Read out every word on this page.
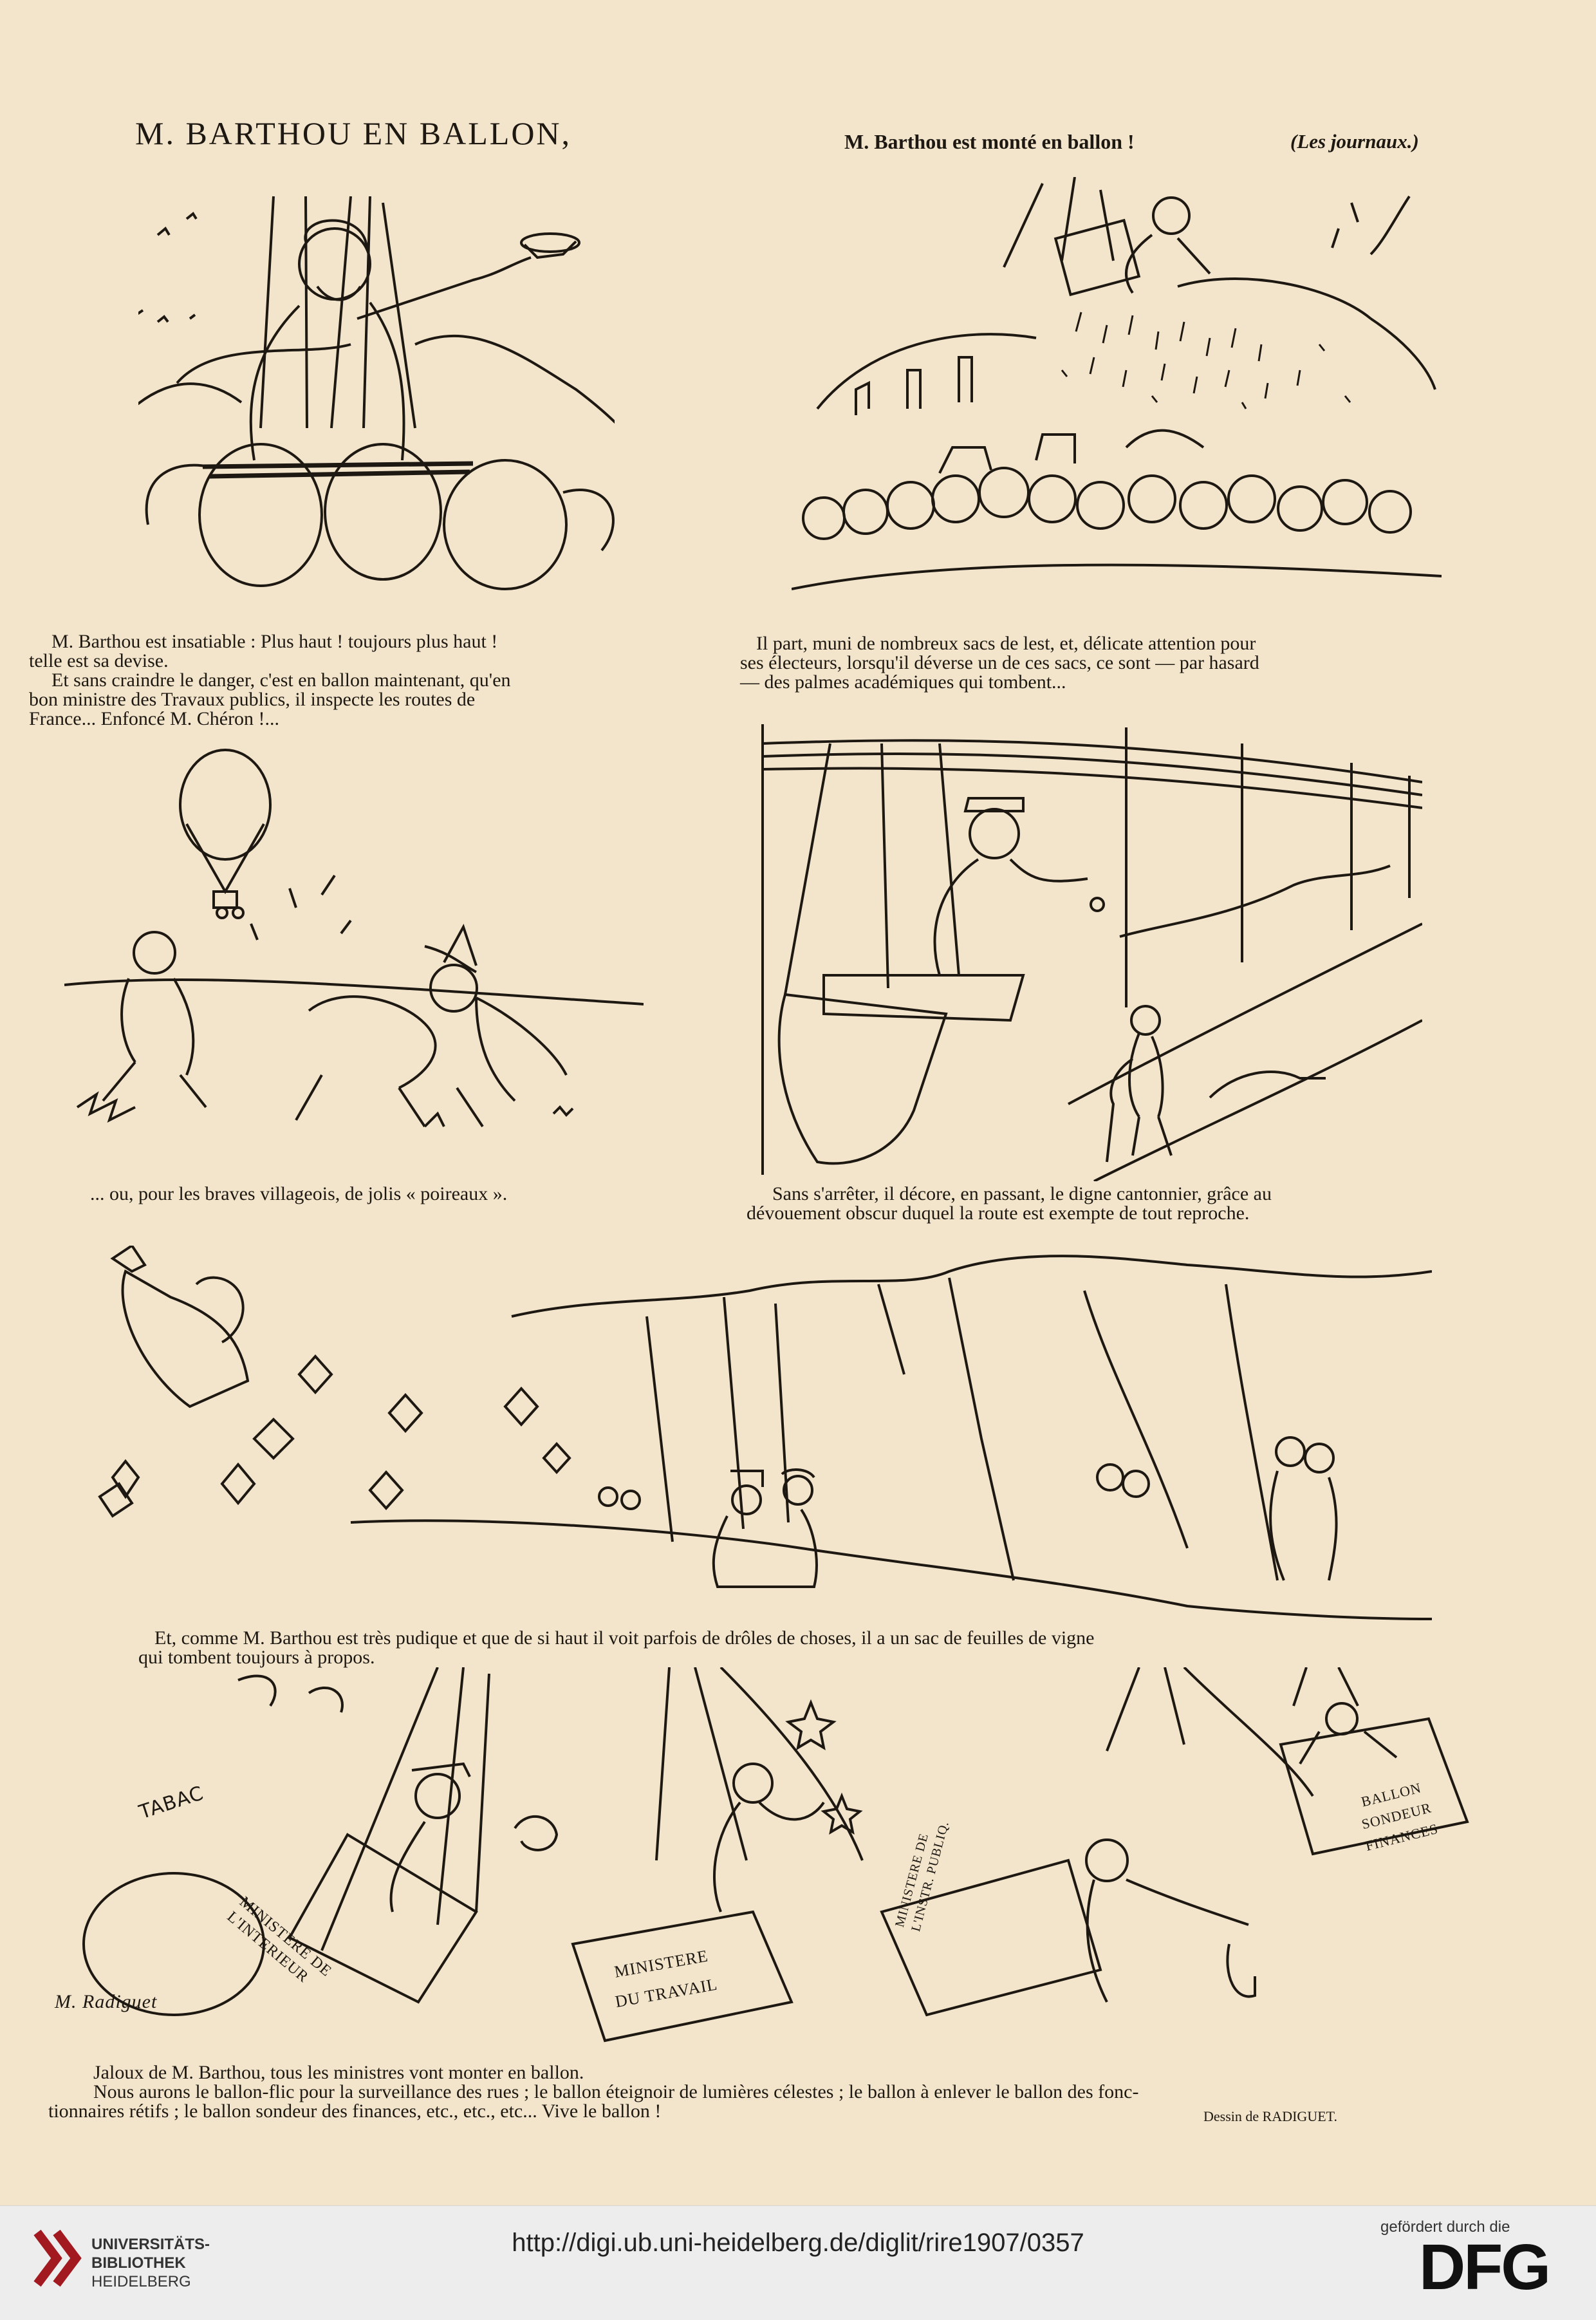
M. BARTHOU EN BALLON,	M. Barthou est monté en ballon !	(Les journaux.)

M. Barthou est insatiable : Plus haut ! toujours plus haut !

telle est sa devise.

Et sans craindre le danger, c'est en ballon maintenant, qu'en

bon ministre des Travaux publics, il inspecte les routes de

France... Enfoncé M. Chéron !...

Il part, muni de nombreux sacs de lest, et, délicate attention pour

ses électeurs, lorsqu'il déverse un de ces sacs, ce sont — par hasard

— des palmes académiques qui tombent...

... ou, pour les braves villageois, de jolis « poireaux ».	Sans s'arrêter, il décore, en passant, le digne cantonnier, grâce au

dévouement obscur duquel la route est exempte de tout reproche.

Et, comme M. Barthou est très pudique et que de si haut il voit parfois de drôles de choses, il a un sac de feuilles de vigne

qui tombent toujours à propos.

TABAC
MINISTERE DE L'INTERIEUR	MINISTERE DU TRAVAIL
MINISTERE DE L'INSTR. PUBLIQ.
BALLON SONDEUR FINANCES
M. Radiguet

Jaloux de M. Barthou, tous les ministres vont monter en ballon.

Nous aurons le ballon-flic pour la surveillance des rues ; le ballon éteignoir de lumières célestes ; le ballon à enlever le ballon des fonc-

tionnaires rétifs ; le ballon sondeur des finances, etc., etc., etc... Vive le ballon !	Dessin de RADIGUET.
UNIVERSITÄTS-
BIBLIOTHEK
HEIDELBERG
http://digi.ub.uni-heidelberg.de/diglit/rire1907/0357
gefördert durch die
DFG
